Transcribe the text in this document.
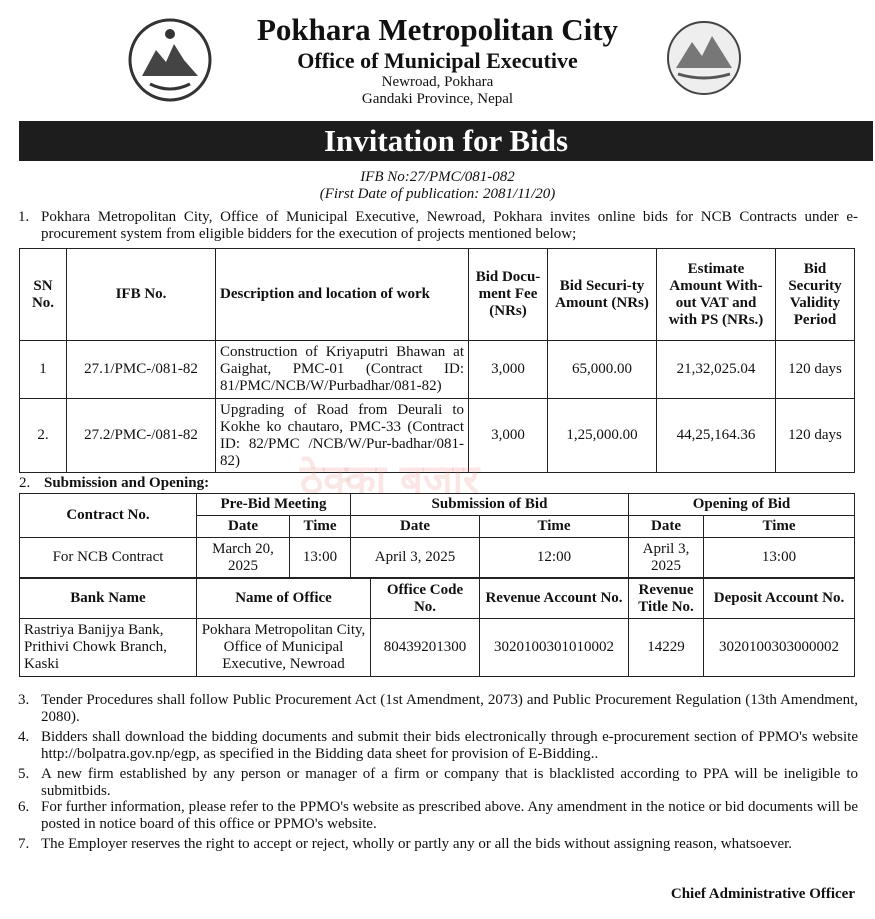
Pokhara Metropolitan City
Office of Municipal Executive
Newroad, Pokhara
Gandaki Province, Nepal
Invitation for Bids
IFB No:27/PMC/081-082
(First Date of publication: 2081/11/20)
1. Pokhara Metropolitan City, Office of Municipal Executive, Newroad, Pokhara invites online bids for NCB Contracts under e-procurement system from eligible bidders for the execution of projects mentioned below;
SN No.	IFB No.	Description and location of work	Bid Docu-ment Fee (NRs)	Bid Securi-ty Amount (NRs)	Estimate Amount With-out VAT and with PS (NRs.)	Bid Security Validity Period
1	27.1/PMC-/081-82	Construction of Kriyaputri Bhawan at Gaighat, PMC-01 (Contract ID: 81/PMC/NCB/W/Purbadhar/081-82)	3,000	65,000.00	21,32,025.04	120 days
2.	27.2/PMC-/081-82	Upgrading of Road from Deurali to Kokhe ko chautaro, PMC-33 (Contract ID: 82/PMC /NCB/W/Pur-badhar/081-82)	3,000	1,25,000.00	44,25,164.36	120 days
ठेक्का बजार
2. Submission and Opening:
Contract No.	Pre-Bid Meeting		Submission of Bid		Opening of Bid	
	Date	Time	Date	Time	Date	Time
For NCB Contract	March 20, 2025	13:00	April 3, 2025	12:00	April 3, 2025	13:00
Bank Name	Name of Office	Office Code No.	Revenue Account No.	Revenue Title No.	Deposit Account No.
Rastriya Banijya Bank, Prithivi Chowk Branch, Kaski	Pokhara Metropolitan City, Office of Municipal Executive, Newroad	80439201300	3020100301010002	14229	3020100303000002
3. Tender Procedures shall follow Public Procurement Act (1st Amendment, 2073) and Public Procurement Regulation (13th Amendment, 2080).
4. Bidders shall download the bidding documents and submit their bids electronically through e-procurement section of PPMO's website http://bolpatra.gov.np/egp, as specified in the Bidding data sheet for provision of E-Bidding..
5. A new firm established by any person or manager of a firm or company that is blacklisted according to PPA will be ineligible to submitbids.
6. For further information, please refer to the PPMO's website as prescribed above. Any amendment in the notice or bid documents will be posted in notice board of this office or PPMO's website.
7. The Employer reserves the right to accept or reject, wholly or partly any or all the bids without assigning reason, whatsoever.
Chief Administrative Officer
